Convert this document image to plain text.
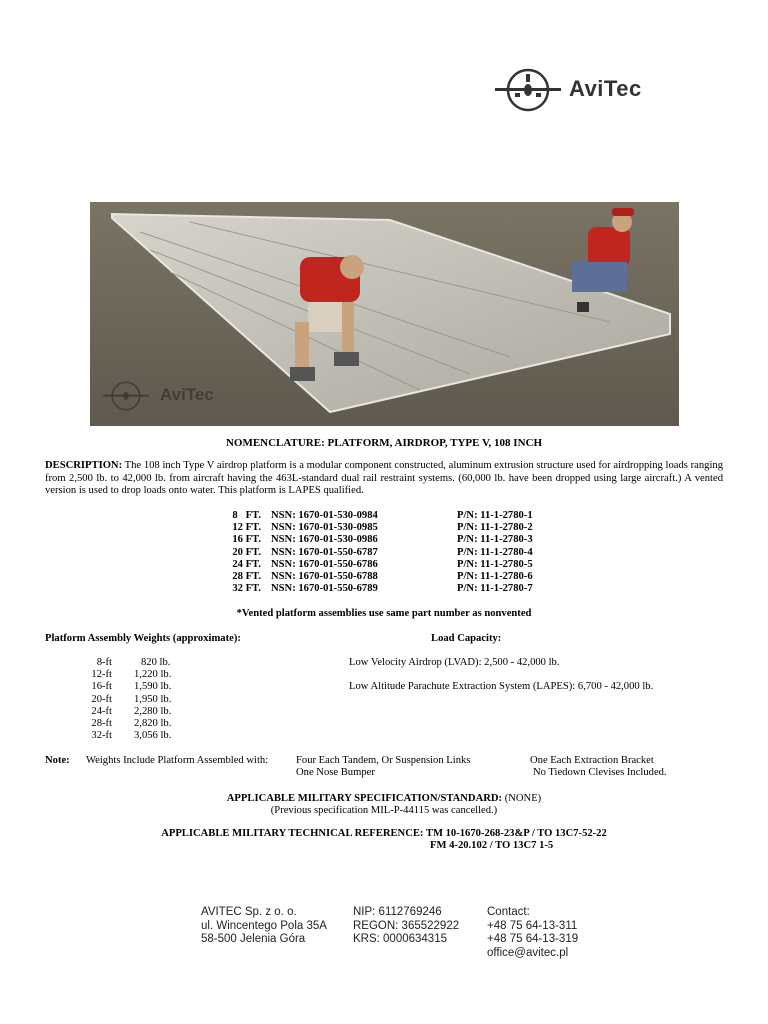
AviTec
AviTec
NOMENCLATURE: PLATFORM, AIRDROP, TYPE V, 108 INCH
DESCRIPTION: The 108 inch Type V airdrop platform is a modular component constructed, aluminum extrusion structure used for airdropping loads ranging from 2,500 lb. to 42,000 lb. from aircraft having the 463L-standard dual rail restraint systems. (60,000 lb. have been dropped using large aircraft.) A vented version is used to drop loads onto water. This platform is LAPES qualified.
8   FT. NSN: 1670-01-530-0984	P/N: 11-1-2780-1
12 FT. NSN: 1670-01-530-0985	P/N: 11-1-2780-2
16 FT. NSN: 1670-01-530-0986	P/N: 11-1-2780-3
20 FT. NSN: 1670-01-550-6787	P/N: 11-1-2780-4
24 FT. NSN: 1670-01-550-6786	P/N: 11-1-2780-5
28 FT. NSN: 1670-01-550-6788	P/N: 11-1-2780-6
32 FT. NSN: 1670-01-550-6789	P/N: 11-1-2780-7
*Vented platform assemblies use same part number as nonvented
Platform Assembly Weights (approximate):	Load Capacity:
8-ft	820 lb.
12-ft 1,220 lb.
16-ft 1,590 lb.
20-ft 1,950 lb.
24-ft 2,280 lb.
28-ft 2,820 lb.
32-ft 3,056 lb.
Low Velocity Airdrop (LVAD): 2,500 - 42,000 lb.
Low Altitude Parachute Extraction System (LAPES): 6,700 - 42,000 lb.
Note: Weights Include Platform Assembled with:	Four Each Tandem, Or Suspension Links
One Nose Bumper
One Each Extraction Bracket
No Tiedown Clevises Included.
APPLICABLE MILITARY SPECIFICATION/STANDARD: (NONE)
(Previous specification MIL-P-44115 was cancelled.)
APPLICABLE MILITARY TECHNICAL REFERENCE: TM 10-1670-268-23&P / TO 13C7-52-22
FM 4-20.102 / TO 13C7 1-5
AVITEC Sp. z o. o.
ul. Wincentego Pola 35A
58-500 Jelenia Góra
NIP: 6112769246
REGON: 365522922
KRS: 0000634315
Contact:
+48 75 64-13-311
+48 75 64-13-319
office@avitec.pl
